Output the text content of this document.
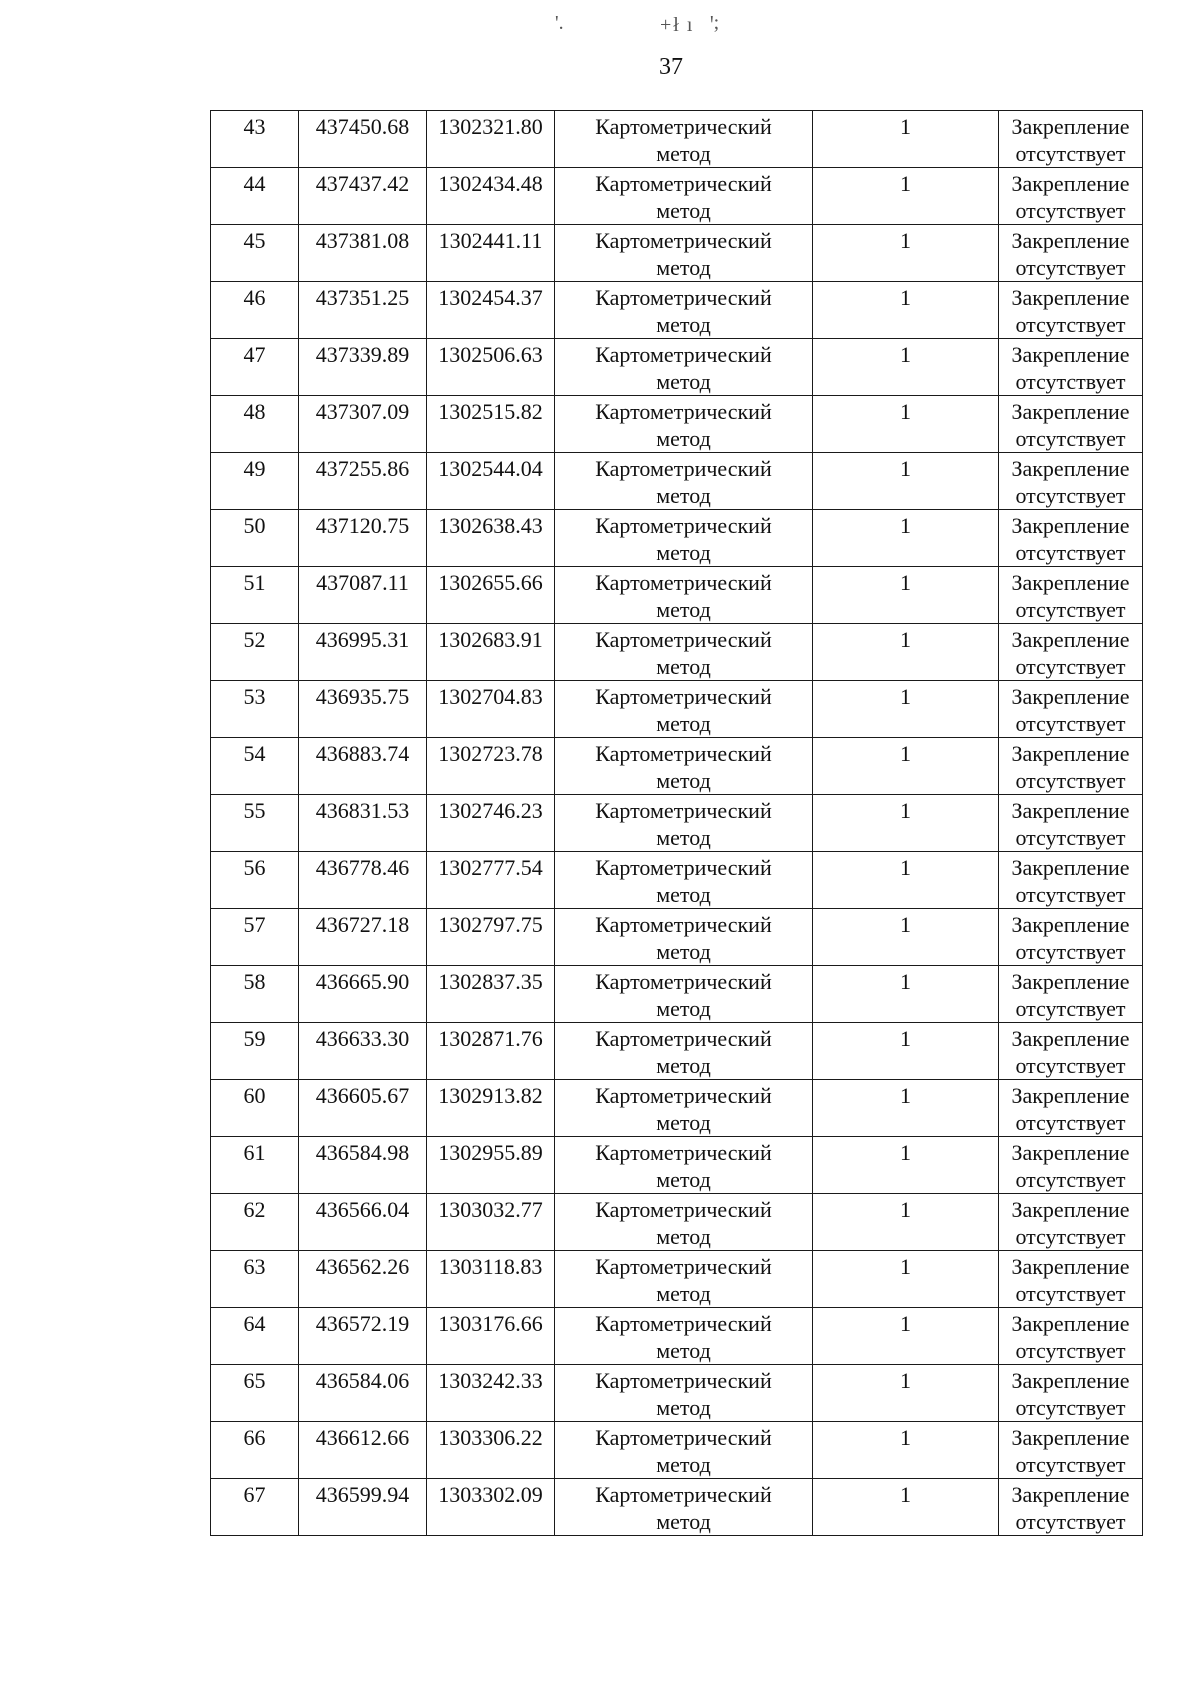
'.	+ł ı ꞌ;
37
43	437450.68	1302321.80	Картометрический
метод	1	Закрепление
отсутствует

44	437437.42	1302434.48	Картометрический
метод	1	Закрепление
отсутствует

45	437381.08	1302441.11	Картометрический
метод	1	Закрепление
отсутствует

46	437351.25	1302454.37	Картометрический
метод	1	Закрепление
отсутствует

47	437339.89	1302506.63	Картометрический
метод	1	Закрепление
отсутствует

48	437307.09	1302515.82	Картометрический
метод	1	Закрепление
отсутствует

49	437255.86	1302544.04	Картометрический
метод	1	Закрепление
отсутствует

50	437120.75	1302638.43	Картометрический
метод	1	Закрепление
отсутствует

51	437087.11	1302655.66	Картометрический
метод	1	Закрепление
отсутствует

52	436995.31	1302683.91	Картометрический
метод	1	Закрепление
отсутствует

53	436935.75	1302704.83	Картометрический
метод	1	Закрепление
отсутствует

54	436883.74	1302723.78	Картометрический
метод	1	Закрепление
отсутствует

55	436831.53	1302746.23	Картометрический
метод	1	Закрепление
отсутствует

56	436778.46	1302777.54	Картометрический
метод	1	Закрепление
отсутствует

57	436727.18	1302797.75	Картометрический
метод	1	Закрепление
отсутствует

58	436665.90	1302837.35	Картометрический
метод	1	Закрепление
отсутствует

59	436633.30	1302871.76	Картометрический
метод	1	Закрепление
отсутствует

60	436605.67	1302913.82	Картометрический
метод	1	Закрепление
отсутствует

61	436584.98	1302955.89	Картометрический
метод	1	Закрепление
отсутствует

62	436566.04	1303032.77	Картометрический
метод	1	Закрепление
отсутствует

63	436562.26	1303118.83	Картометрический
метод	1	Закрепление
отсутствует

64	436572.19	1303176.66	Картометрический
метод	1	Закрепление
отсутствует

65	436584.06	1303242.33	Картометрический
метод	1	Закрепление
отсутствует

66	436612.66	1303306.22	Картометрический
метод	1	Закрепление
отсутствует

67	436599.94	1303302.09	Картометрический
метод	1	Закрепление
отсутствует
